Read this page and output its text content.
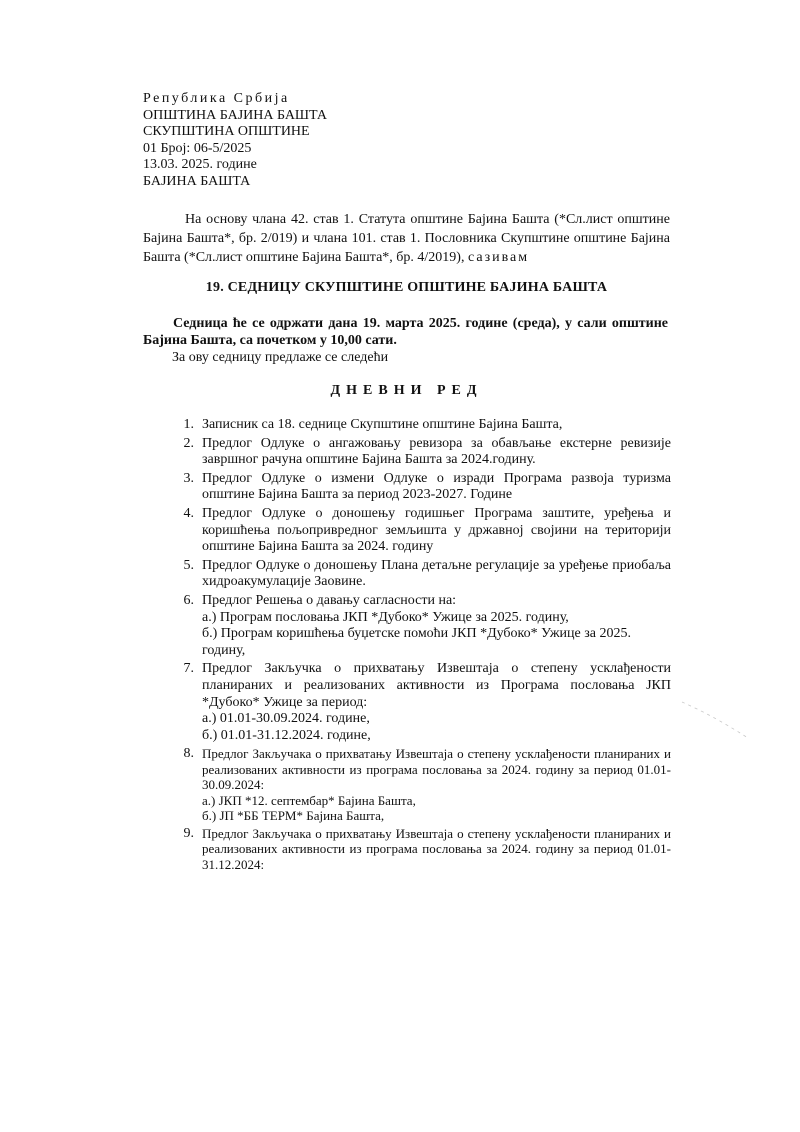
Република Србија
ОПШТИНА БАЈИНА БАШТА
СКУПШТИНА ОПШТИНЕ
01 Број: 06-5/2025
13.03. 2025. године
БАЈИНА БАШТА
На основу члана 42. став 1. Статута општине Бајина Башта (*Сл.лист општине Бајина Башта*, бр. 2/019) и члана 101. став 1. Пословника Скупштине општине Бајина Башта (*Сл.лист општине Бајина Башта*, бр. 4/2019), сазивам
19. СЕДНИЦУ СКУПШТИНЕ ОПШТИНЕ БАЈИНА БАШТА
Седница ће се одржати дана 19. марта 2025. године (среда), у сали општине Бајина Башта, са почетком у 10,00 сати.
За ову седницу предлаже се следећи
ДНЕВНИ РЕД
1. Записник са 18. седнице Скупштине општине Бајина Башта,
2. Предлог Одлуке о ангажовању ревизора за обављање екстерне ревизије завршног рачуна општине Бајина Башта за 2024.годину.
3. Предлог Одлуке о измени Одлуке о изради Програма развоја туризма општине Бајина Башта за период 2023-2027. Године
4. Предлог Одлуке о доношењу годишњег Програма заштите, уређења и коришћења пољопривредног земљишта у државној својини на територији општине Бајина Башта за 2024. годину
5. Предлог Одлуке о доношењу Плана детаљне регулације за уређење приобаља хидроакумулације Заовине.
6. Предлог Решења о давању сагласности на:
а.) Програм пословања ЈКП *Дубоко* Ужице за 2025. годину,
б.) Програм коришћења буџетске помоћи ЈКП *Дубоко* Ужице за 2025. годину,
7. Предлог Закључка о прихватању Извештаја о степену усклађености планираних и реализованих активности из Програма пословања ЈКП *Дубоко* Ужице за период:
а.) 01.01-30.09.2024. године,
б.) 01.01-31.12.2024. године,
8. Предлог Закључака о прихватању Извештаја о степену усклађености планираних и реализованих активности из програма пословања за 2024. годину за период 01.01-30.09.2024:
а.) ЈКП *12. септембар* Бајина Башта,
б.) ЈП *ББ ТЕРМ* Бајина Башта,
9. Предлог Закључака о прихватању Извештаја о степену усклађености планираних и реализованих активности из програма пословања за 2024. годину за период 01.01-31.12.2024:
